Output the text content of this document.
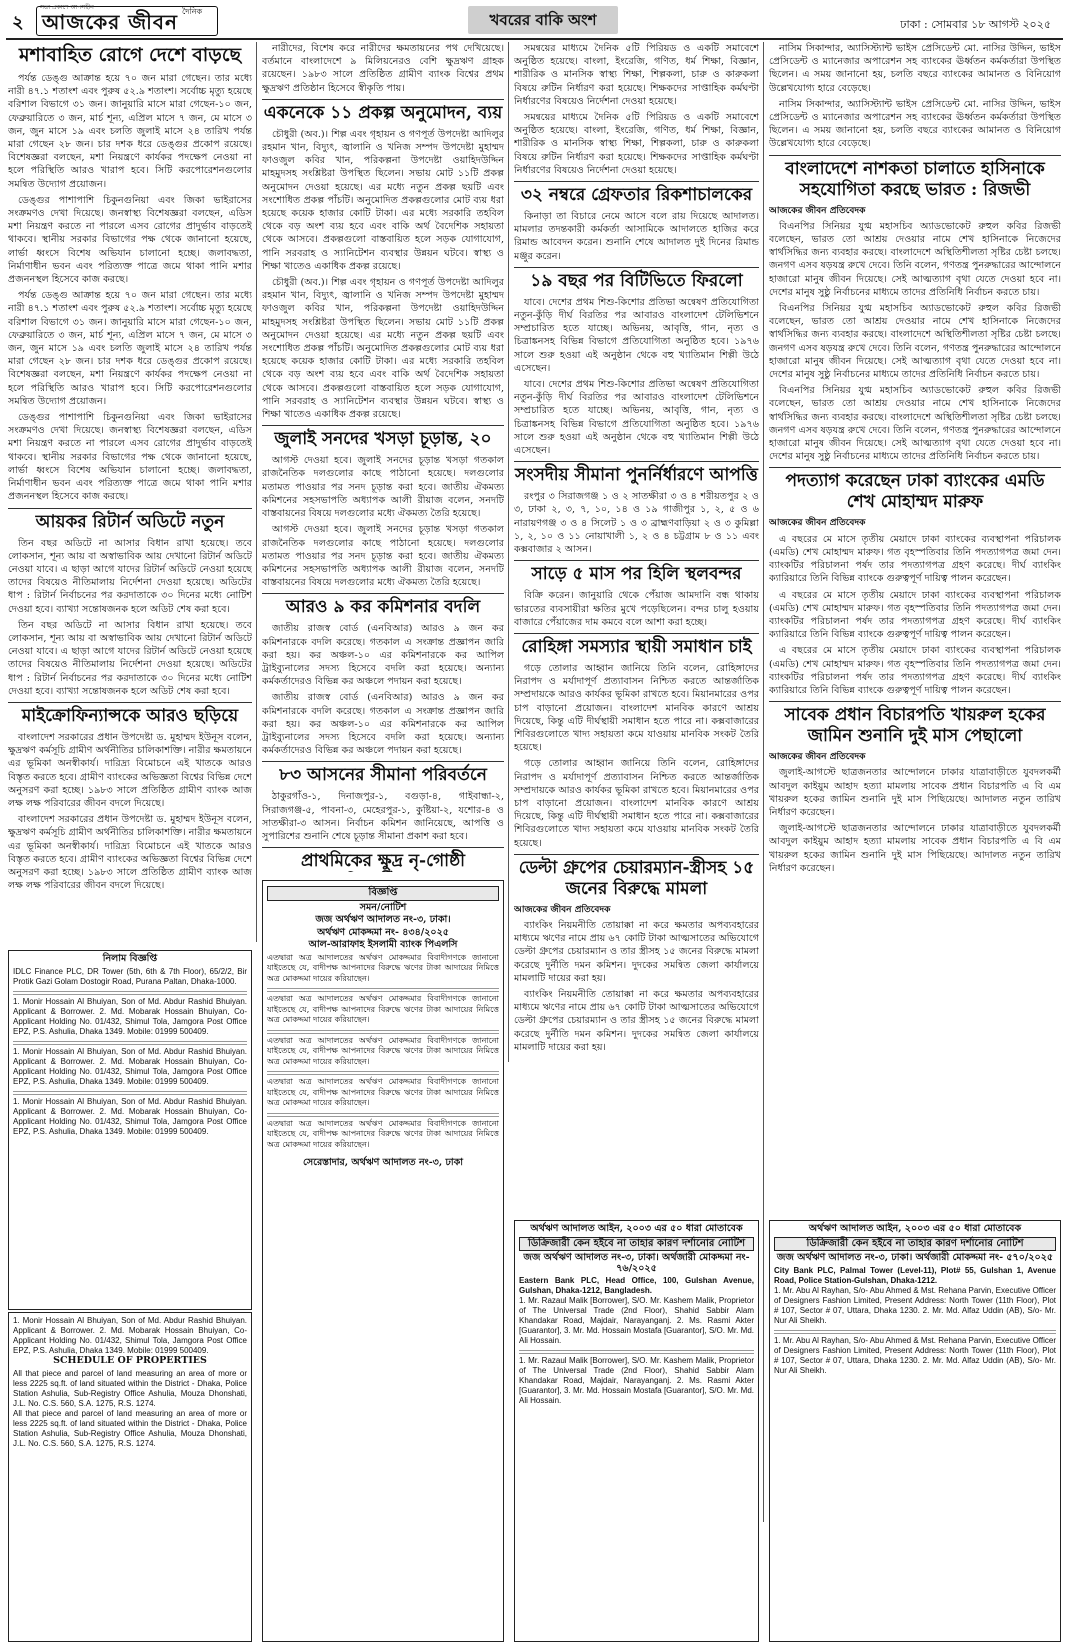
২
সত্য প্রকাশে আপসহীন
আজকের জীবন দৈনিক	খবরের বাকি অংশ	ঢাকা : সোমবার ১৮ আগস্ট ২০২৫
মশাবাহিত রোগে দেশে বাড়ছে

পর্যন্ত ডেঙ্গু আক্রান্ত হয়ে ৭০ জন মারা গেছেন। তার মধ্যে নারী ৪৭.১ শতাংশ এবং পুরুষ ৫২.৯ শতাংশ। সর্বোচ্চ মৃত্যু হয়েছে বরিশাল বিভাগে ৩১ জন। জানুয়ারি মাসে মারা গেছেন-১০ জন, ফেব্রুয়ারিতে ৩ জন, মার্চ শূন্য, এপ্রিল মাসে ৭ জন, মে মাসে ৩ জন, জুন মাসে ১৯ এবং চলতি জুলাই মাসে ২৪ তারিখ পর্যন্ত মারা গেছেন ২৮ জন। চার দশক ধরে ডেঙ্গুর প্রকোপ রয়েছে। বিশেষজ্ঞরা বলছেন, মশা নিয়ন্ত্রণে কার্যকর পদক্ষেপ নেওয়া না হলে পরিস্থিতি আরও খারাপ হবে। সিটি করপোরেশনগুলোর সমন্বিত উদ্যোগ প্রয়োজন।

ডেঙ্গুর পাশাপাশি চিকুনগুনিয়া এবং জিকা ভাইরাসের সংক্রমণও দেখা দিয়েছে। জনস্বাস্থ্য বিশেষজ্ঞরা বলছেন, এডিস মশা নিয়ন্ত্রণ করতে না পারলে এসব রোগের প্রাদুর্ভাব বাড়তেই থাকবে। স্থানীয় সরকার বিভাগের পক্ষ থেকে জানানো হয়েছে, লার্ভা ধ্বংসে বিশেষ অভিযান চালানো হচ্ছে। জলাবদ্ধতা, নির্মাণাধীন ভবন এবং পরিত্যক্ত পাত্রে জমে থাকা পানি মশার প্রজননস্থল হিসেবে কাজ করছে।

পর্যন্ত ডেঙ্গু আক্রান্ত হয়ে ৭০ জন মারা গেছেন। তার মধ্যে নারী ৪৭.১ শতাংশ এবং পুরুষ ৫২.৯ শতাংশ। সর্বোচ্চ মৃত্যু হয়েছে বরিশাল বিভাগে ৩১ জন। জানুয়ারি মাসে মারা গেছেন-১০ জন, ফেব্রুয়ারিতে ৩ জন, মার্চ শূন্য, এপ্রিল মাসে ৭ জন, মে মাসে ৩ জন, জুন মাসে ১৯ এবং চলতি জুলাই মাসে ২৪ তারিখ পর্যন্ত মারা গেছেন ২৮ জন। চার দশক ধরে ডেঙ্গুর প্রকোপ রয়েছে। বিশেষজ্ঞরা বলছেন, মশা নিয়ন্ত্রণে কার্যকর পদক্ষেপ নেওয়া না হলে পরিস্থিতি আরও খারাপ হবে। সিটি করপোরেশনগুলোর সমন্বিত উদ্যোগ প্রয়োজন।

ডেঙ্গুর পাশাপাশি চিকুনগুনিয়া এবং জিকা ভাইরাসের সংক্রমণও দেখা দিয়েছে। জনস্বাস্থ্য বিশেষজ্ঞরা বলছেন, এডিস মশা নিয়ন্ত্রণ করতে না পারলে এসব রোগের প্রাদুর্ভাব বাড়তেই থাকবে। স্থানীয় সরকার বিভাগের পক্ষ থেকে জানানো হয়েছে, লার্ভা ধ্বংসে বিশেষ অভিযান চালানো হচ্ছে। জলাবদ্ধতা, নির্মাণাধীন ভবন এবং পরিত্যক্ত পাত্রে জমে থাকা পানি মশার প্রজননস্থল হিসেবে কাজ করছে।

আয়কর রিটার্ন অডিটে নতুন

তিন বছর অডিটে না আসার বিধান রাখা হয়েছে। তবে লোকসান, শূন্য আয় বা অস্বাভাবিক আয় দেখানো রিটার্ন অডিটে নেওয়া যাবে। এ ছাড়া আগে যাদের রিটার্ন অডিটে নেওয়া হয়েছে তাদের বিষয়েও নীতিমালায় নির্দেশনা দেওয়া হয়েছে। অডিটের ধাপ : রিটার্ন নির্বাচনের পর করদাতাকে ৩০ দিনের মধ্যে নোটিশ দেওয়া হবে। ব্যাখ্যা সন্তোষজনক হলে অডিট শেষ করা হবে।

তিন বছর অডিটে না আসার বিধান রাখা হয়েছে। তবে লোকসান, শূন্য আয় বা অস্বাভাবিক আয় দেখানো রিটার্ন অডিটে নেওয়া যাবে। এ ছাড়া আগে যাদের রিটার্ন অডিটে নেওয়া হয়েছে তাদের বিষয়েও নীতিমালায় নির্দেশনা দেওয়া হয়েছে। অডিটের ধাপ : রিটার্ন নির্বাচনের পর করদাতাকে ৩০ দিনের মধ্যে নোটিশ দেওয়া হবে। ব্যাখ্যা সন্তোষজনক হলে অডিট শেষ করা হবে।

মাইক্রোফিন্যান্সকে আরও ছড়িয়ে

বাংলাদেশ সরকারের প্রধান উপদেষ্টা ড. মুহাম্মদ ইউনূস বলেন, ক্ষুদ্রঋণ কর্মসূচি গ্রামীণ অর্থনীতির চালিকাশক্তি। নারীর ক্ষমতায়নে এর ভূমিকা অনস্বীকার্য। দারিদ্র্য বিমোচনে এই খাতকে আরও বিস্তৃত করতে হবে। গ্রামীণ ব্যাংকের অভিজ্ঞতা বিশ্বের বিভিন্ন দেশে অনুসরণ করা হচ্ছে। ১৯৮৩ সালে প্রতিষ্ঠিত গ্রামীণ ব্যাংক আজ লক্ষ লক্ষ পরিবারের জীবন বদলে দিয়েছে।

বাংলাদেশ সরকারের প্রধান উপদেষ্টা ড. মুহাম্মদ ইউনূস বলেন, ক্ষুদ্রঋণ কর্মসূচি গ্রামীণ অর্থনীতির চালিকাশক্তি। নারীর ক্ষমতায়নে এর ভূমিকা অনস্বীকার্য। দারিদ্র্য বিমোচনে এই খাতকে আরও বিস্তৃত করতে হবে। গ্রামীণ ব্যাংকের অভিজ্ঞতা বিশ্বের বিভিন্ন দেশে অনুসরণ করা হচ্ছে। ১৯৮৩ সালে প্রতিষ্ঠিত গ্রামীণ ব্যাংক আজ লক্ষ লক্ষ পরিবারের জীবন বদলে দিয়েছে।

নারীদের, বিশেষ করে নারীদের ক্ষমতায়নের পথ দেখিয়েছে। বর্তমানে বাংলাদেশে ৯ মিলিয়নেরও বেশি ক্ষুদ্রঋণ গ্রাহক রয়েছেন। ১৯৮৩ সালে প্রতিষ্ঠিত গ্রামীণ ব্যাংক বিশ্বের প্রথম ক্ষুদ্রঋণ প্রতিষ্ঠান হিসেবে স্বীকৃতি পায়।

একনেকে ১১ প্রকল্প অনুমোদন, ব্যয়

চৌধুরী (অব.)। শিল্প এবং গৃহায়ন ও গণপূর্ত উপদেষ্টা আদিলুর রহমান খান, বিদ্যুৎ, জ্বালানি ও খনিজ সম্পদ উপদেষ্টা মুহাম্মদ ফাওজুল কবির খান, পরিকল্পনা উপদেষ্টা ওয়াহিদউদ্দিন মাহমুদসহ সংশ্লিষ্টরা উপস্থিত ছিলেন। সভায় মোট ১১টি প্রকল্প অনুমোদন দেওয়া হয়েছে। এর মধ্যে নতুন প্রকল্প ছয়টি এবং সংশোধিত প্রকল্প পাঁচটি। অনুমোদিত প্রকল্পগুলোর মোট ব্যয় ধরা হয়েছে কয়েক হাজার কোটি টাকা। এর মধ্যে সরকারি তহবিল থেকে বড় অংশ ব্যয় হবে এবং বাকি অর্থ বৈদেশিক সহায়তা থেকে আসবে। প্রকল্পগুলো বাস্তবায়িত হলে সড়ক যোগাযোগ, পানি সরবরাহ ও স্যানিটেশন ব্যবস্থার উন্নয়ন ঘটবে। স্বাস্থ্য ও শিক্ষা খাতেও একাধিক প্রকল্প রয়েছে।

চৌধুরী (অব.)। শিল্প এবং গৃহায়ন ও গণপূর্ত উপদেষ্টা আদিলুর রহমান খান, বিদ্যুৎ, জ্বালানি ও খনিজ সম্পদ উপদেষ্টা মুহাম্মদ ফাওজুল কবির খান, পরিকল্পনা উপদেষ্টা ওয়াহিদউদ্দিন মাহমুদসহ সংশ্লিষ্টরা উপস্থিত ছিলেন। সভায় মোট ১১টি প্রকল্প অনুমোদন দেওয়া হয়েছে। এর মধ্যে নতুন প্রকল্প ছয়টি এবং সংশোধিত প্রকল্প পাঁচটি। অনুমোদিত প্রকল্পগুলোর মোট ব্যয় ধরা হয়েছে কয়েক হাজার কোটি টাকা। এর মধ্যে সরকারি তহবিল থেকে বড় অংশ ব্যয় হবে এবং বাকি অর্থ বৈদেশিক সহায়তা থেকে আসবে। প্রকল্পগুলো বাস্তবায়িত হলে সড়ক যোগাযোগ, পানি সরবরাহ ও স্যানিটেশন ব্যবস্থার উন্নয়ন ঘটবে। স্বাস্থ্য ও শিক্ষা খাতেও একাধিক প্রকল্প রয়েছে।

জুলাই সনদের খসড়া চূড়ান্ত, ২০

আগস্ট দেওয়া হবে। জুলাই সনদের চূড়ান্ত খসড়া গতকাল রাজনৈতিক দলগুলোর কাছে পাঠানো হয়েছে। দলগুলোর মতামত পাওয়ার পর সনদ চূড়ান্ত করা হবে। জাতীয় ঐকমত্য কমিশনের সহসভাপতি অধ্যাপক আলী রীয়াজ বলেন, সনদটি বাস্তবায়নের বিষয়ে দলগুলোর মধ্যে ঐকমত্য তৈরি হয়েছে।

আগস্ট দেওয়া হবে। জুলাই সনদের চূড়ান্ত খসড়া গতকাল রাজনৈতিক দলগুলোর কাছে পাঠানো হয়েছে। দলগুলোর মতামত পাওয়ার পর সনদ চূড়ান্ত করা হবে। জাতীয় ঐকমত্য কমিশনের সহসভাপতি অধ্যাপক আলী রীয়াজ বলেন, সনদটি বাস্তবায়নের বিষয়ে দলগুলোর মধ্যে ঐকমত্য তৈরি হয়েছে।

আরও ৯ কর কমিশনার বদলি

জাতীয় রাজস্ব বোর্ড (এনবিআর) আরও ৯ জন কর কমিশনারকে বদলি করেছে। গতকাল এ সংক্রান্ত প্রজ্ঞাপন জারি করা হয়। কর অঞ্চল-১০ এর কমিশনারকে কর আপিল ট্রাইব্যুনালের সদস্য হিসেবে বদলি করা হয়েছে। অন্যান্য কর্মকর্তাদেরও বিভিন্ন কর অঞ্চলে পদায়ন করা হয়েছে।

জাতীয় রাজস্ব বোর্ড (এনবিআর) আরও ৯ জন কর কমিশনারকে বদলি করেছে। গতকাল এ সংক্রান্ত প্রজ্ঞাপন জারি করা হয়। কর অঞ্চল-১০ এর কমিশনারকে কর আপিল ট্রাইব্যুনালের সদস্য হিসেবে বদলি করা হয়েছে। অন্যান্য কর্মকর্তাদেরও বিভিন্ন কর অঞ্চলে পদায়ন করা হয়েছে।

৮৩ আসনের সীমানা পরিবর্তনে

ঠাকুরগাঁও-১, দিনাজপুর-১, বগুড়া-৪, গাইবান্ধা-২, সিরাজগঞ্জ-৫, পাবনা-৩, মেহেরপুর-১, কুষ্টিয়া-২, যশোর-৪ ও সাতক্ষীরা-৩ আসন। নির্বাচন কমিশন জানিয়েছে, আপত্তি ও সুপারিশের শুনানি শেষে চূড়ান্ত সীমানা প্রকাশ করা হবে।

প্রাথমিকের ক্ষুদ্র নৃ-গোষ্ঠী

সমন্বয়ের মাধ্যমে দৈনিক ৫টি পিরিয়ড ও একটি সমাবেশে অনুষ্ঠিত হয়েছে। বাংলা, ইংরেজি, গণিত, ধর্ম শিক্ষা, বিজ্ঞান, শারীরিক ও মানসিক স্বাস্থ্য শিক্ষা, শিল্পকলা, চারু ও কারুকলা বিষয়ে রুটিন নির্ধারণ করা হয়েছে। শিক্ষকদের সাপ্তাহিক কর্মঘণ্টা নির্ধারণের বিষয়েও নির্দেশনা দেওয়া হয়েছে।

সমন্বয়ের মাধ্যমে দৈনিক ৫টি পিরিয়ড ও একটি সমাবেশে অনুষ্ঠিত হয়েছে। বাংলা, ইংরেজি, গণিত, ধর্ম শিক্ষা, বিজ্ঞান, শারীরিক ও মানসিক স্বাস্থ্য শিক্ষা, শিল্পকলা, চারু ও কারুকলা বিষয়ে রুটিন নির্ধারণ করা হয়েছে। শিক্ষকদের সাপ্তাহিক কর্মঘণ্টা নির্ধারণের বিষয়েও নির্দেশনা দেওয়া হয়েছে।

৩২ নম্বরে গ্রেফতার রিকশাচালকের

কিনাড়া তা বিচারে নেমে আসে বলে রায় দিয়েছে আদালত। মামলার তদন্তকারী কর্মকর্তা আসামিকে আদালতে হাজির করে রিমান্ড আবেদন করেন। শুনানি শেষে আদালত দুই দিনের রিমান্ড মঞ্জুর করেন।

১৯ বছর পর বিটিভিতে ফিরলো

যাবে। দেশের প্রথম শিশু-কিশোর প্রতিভা অন্বেষণ প্রতিযোগিতা নতুন-কুঁড়ি দীর্ঘ বিরতির পর আবারও বাংলাদেশ টেলিভিশনে সম্প্রচারিত হতে যাচ্ছে। অভিনয়, আবৃত্তি, গান, নৃত্য ও চিত্রাঙ্কনসহ বিভিন্ন বিভাগে প্রতিযোগিতা অনুষ্ঠিত হবে। ১৯৭৬ সালে শুরু হওয়া এই অনুষ্ঠান থেকে বহু খ্যাতিমান শিল্পী উঠে এসেছেন।

যাবে। দেশের প্রথম শিশু-কিশোর প্রতিভা অন্বেষণ প্রতিযোগিতা নতুন-কুঁড়ি দীর্ঘ বিরতির পর আবারও বাংলাদেশ টেলিভিশনে সম্প্রচারিত হতে যাচ্ছে। অভিনয়, আবৃত্তি, গান, নৃত্য ও চিত্রাঙ্কনসহ বিভিন্ন বিভাগে প্রতিযোগিতা অনুষ্ঠিত হবে। ১৯৭৬ সালে শুরু হওয়া এই অনুষ্ঠান থেকে বহু খ্যাতিমান শিল্পী উঠে এসেছেন।

সংসদীয় সীমানা পুনর্নির্ধারণে আপত্তি

রংপুর ৩ সিরাজগঞ্জ ১ ও ২ সাতক্ষীরা ৩ ও ৪ শরীয়তপুর ২ ও ৩, ঢাকা ২, ৩, ৭, ১০, ১৪ ও ১৯ গাজীপুর ১, ২, ৫ ও ৬ নারায়ণগঞ্জ ৩ ও ৪ সিলেট ১ ও ৩ ব্রাহ্মণবাড়িয়া ২ ও ৩ কুমিল্লা ১, ২, ১০ ও ১১ নোয়াখালী ১, ২ ও ৪ চট্টগ্রাম ৮ ও ১১ এবং কক্সবাজার ২ আসন।

সাড়ে ৫ মাস পর হিলি স্থলবন্দর

বিক্রি করেন। জানুয়ারি থেকে পেঁয়াজ আমদানি বন্ধ থাকায় ভারতের ব্যবসায়ীরা ক্ষতির মুখে পড়েছিলেন। বন্দর চালু হওয়ায় বাজারে পেঁয়াজের দাম কমবে বলে আশা করা হচ্ছে।

রোহিঙ্গা সমস্যার স্থায়ী সমাধান চাই

গড়ে তোলার আহ্বান জানিয়ে তিনি বলেন, রোহিঙ্গাদের নিরাপদ ও মর্যাদাপূর্ণ প্রত্যাবাসন নিশ্চিত করতে আন্তর্জাতিক সম্প্রদায়কে আরও কার্যকর ভূমিকা রাখতে হবে। মিয়ানমারের ওপর চাপ বাড়ানো প্রয়োজন। বাংলাদেশ মানবিক কারণে আশ্রয় দিয়েছে, কিন্তু এটি দীর্ঘস্থায়ী সমাধান হতে পারে না। কক্সবাজারের শিবিরগুলোতে খাদ্য সহায়তা কমে যাওয়ায় মানবিক সংকট তৈরি হয়েছে।

গড়ে তোলার আহ্বান জানিয়ে তিনি বলেন, রোহিঙ্গাদের নিরাপদ ও মর্যাদাপূর্ণ প্রত্যাবাসন নিশ্চিত করতে আন্তর্জাতিক সম্প্রদায়কে আরও কার্যকর ভূমিকা রাখতে হবে। মিয়ানমারের ওপর চাপ বাড়ানো প্রয়োজন। বাংলাদেশ মানবিক কারণে আশ্রয় দিয়েছে, কিন্তু এটি দীর্ঘস্থায়ী সমাধান হতে পারে না। কক্সবাজারের শিবিরগুলোতে খাদ্য সহায়তা কমে যাওয়ায় মানবিক সংকট তৈরি হয়েছে।

ডেল্টা গ্রুপের চেয়ারম্যান-স্ত্রীসহ ১৫ জনের বিরুদ্ধে মামলা
আজকের জীবন প্রতিবেদক

ব্যাংকিং নিয়মনীতি তোয়াক্কা না করে ক্ষমতার অপব্যবহারের মাধ্যমে ঋণের নামে প্রায় ৬৭ কোটি টাকা আত্মসাতের অভিযোগে ডেল্টা গ্রুপের চেয়ারম্যান ও তার স্ত্রীসহ ১৫ জনের বিরুদ্ধে মামলা করেছে দুর্নীতি দমন কমিশন। দুদকের সমন্বিত জেলা কার্যালয়ে মামলাটি দায়ের করা হয়।

ব্যাংকিং নিয়মনীতি তোয়াক্কা না করে ক্ষমতার অপব্যবহারের মাধ্যমে ঋণের নামে প্রায় ৬৭ কোটি টাকা আত্মসাতের অভিযোগে ডেল্টা গ্রুপের চেয়ারম্যান ও তার স্ত্রীসহ ১৫ জনের বিরুদ্ধে মামলা করেছে দুর্নীতি দমন কমিশন। দুদকের সমন্বিত জেলা কার্যালয়ে মামলাটি দায়ের করা হয়।

নাসিম সিকান্দার, অ্যাসিস্ট্যান্ট ভাইস প্রেসিডেন্ট মো. নাসির উদ্দিন, ভাইস প্রেসিডেন্ট ও ম্যানেজার অপারেশন সহ ব্যাংকের ঊর্ধ্বতন কর্মকর্তারা উপস্থিত ছিলেন। এ সময় জানানো হয়, চলতি বছরে ব্যাংকের আমানত ও বিনিয়োগ উল্লেখযোগ্য হারে বেড়েছে।

নাসিম সিকান্দার, অ্যাসিস্ট্যান্ট ভাইস প্রেসিডেন্ট মো. নাসির উদ্দিন, ভাইস প্রেসিডেন্ট ও ম্যানেজার অপারেশন সহ ব্যাংকের ঊর্ধ্বতন কর্মকর্তারা উপস্থিত ছিলেন। এ সময় জানানো হয়, চলতি বছরে ব্যাংকের আমানত ও বিনিয়োগ উল্লেখযোগ্য হারে বেড়েছে।

বাংলাদেশে নাশকতা চালাতে হাসিনাকে সহযোগিতা করছে ভারত : রিজভী
আজকের জীবন প্রতিবেদক

বিএনপির সিনিয়র যুগ্ম মহাসচিব অ্যাডভোকেট রুহুল কবির রিজভী বলেছেন, ভারত তো আশ্রয় দেওয়ার নামে শেখ হাসিনাকে নিজেদের স্বার্থসিদ্ধির জন্য ব্যবহার করছে। বাংলাদেশে অস্থিতিশীলতা সৃষ্টির চেষ্টা চলছে। জনগণ এসব ষড়যন্ত্র রুখে দেবে। তিনি বলেন, গণতন্ত্র পুনরুদ্ধারের আন্দোলনে হাজারো মানুষ জীবন দিয়েছে। সেই আত্মত্যাগ বৃথা যেতে দেওয়া হবে না। দেশের মানুষ সুষ্ঠু নির্বাচনের মাধ্যমে তাদের প্রতিনিধি নির্বাচন করতে চায়।

বিএনপির সিনিয়র যুগ্ম মহাসচিব অ্যাডভোকেট রুহুল কবির রিজভী বলেছেন, ভারত তো আশ্রয় দেওয়ার নামে শেখ হাসিনাকে নিজেদের স্বার্থসিদ্ধির জন্য ব্যবহার করছে। বাংলাদেশে অস্থিতিশীলতা সৃষ্টির চেষ্টা চলছে। জনগণ এসব ষড়যন্ত্র রুখে দেবে। তিনি বলেন, গণতন্ত্র পুনরুদ্ধারের আন্দোলনে হাজারো মানুষ জীবন দিয়েছে। সেই আত্মত্যাগ বৃথা যেতে দেওয়া হবে না। দেশের মানুষ সুষ্ঠু নির্বাচনের মাধ্যমে তাদের প্রতিনিধি নির্বাচন করতে চায়।

বিএনপির সিনিয়র যুগ্ম মহাসচিব অ্যাডভোকেট রুহুল কবির রিজভী বলেছেন, ভারত তো আশ্রয় দেওয়ার নামে শেখ হাসিনাকে নিজেদের স্বার্থসিদ্ধির জন্য ব্যবহার করছে। বাংলাদেশে অস্থিতিশীলতা সৃষ্টির চেষ্টা চলছে। জনগণ এসব ষড়যন্ত্র রুখে দেবে। তিনি বলেন, গণতন্ত্র পুনরুদ্ধারের আন্দোলনে হাজারো মানুষ জীবন দিয়েছে। সেই আত্মত্যাগ বৃথা যেতে দেওয়া হবে না। দেশের মানুষ সুষ্ঠু নির্বাচনের মাধ্যমে তাদের প্রতিনিধি নির্বাচন করতে চায়।

পদত্যাগ করেছেন ঢাকা ব্যাংকের এমডি শেখ মোহাম্মদ মারুফ
আজকের জীবন প্রতিবেদক

এ বছরের মে মাসে তৃতীয় মেয়াদে ঢাকা ব্যাংকের ব্যবস্থাপনা পরিচালক (এমডি) শেখ মোহাম্মদ মারুফ। গত বৃহস্পতিবার তিনি পদত্যাগপত্র জমা দেন। ব্যাংকটির পরিচালনা পর্ষদ তার পদত্যাগপত্র গ্রহণ করেছে। দীর্ঘ ব্যাংকিং ক্যারিয়ারে তিনি বিভিন্ন ব্যাংকে গুরুত্বপূর্ণ দায়িত্ব পালন করেছেন।

এ বছরের মে মাসে তৃতীয় মেয়াদে ঢাকা ব্যাংকের ব্যবস্থাপনা পরিচালক (এমডি) শেখ মোহাম্মদ মারুফ। গত বৃহস্পতিবার তিনি পদত্যাগপত্র জমা দেন। ব্যাংকটির পরিচালনা পর্ষদ তার পদত্যাগপত্র গ্রহণ করেছে। দীর্ঘ ব্যাংকিং ক্যারিয়ারে তিনি বিভিন্ন ব্যাংকে গুরুত্বপূর্ণ দায়িত্ব পালন করেছেন।

এ বছরের মে মাসে তৃতীয় মেয়াদে ঢাকা ব্যাংকের ব্যবস্থাপনা পরিচালক (এমডি) শেখ মোহাম্মদ মারুফ। গত বৃহস্পতিবার তিনি পদত্যাগপত্র জমা দেন। ব্যাংকটির পরিচালনা পর্ষদ তার পদত্যাগপত্র গ্রহণ করেছে। দীর্ঘ ব্যাংকিং ক্যারিয়ারে তিনি বিভিন্ন ব্যাংকে গুরুত্বপূর্ণ দায়িত্ব পালন করেছেন।

সাবেক প্রধান বিচারপতি খায়রুল হকের জামিন শুনানি দুই মাস পেছালো
আজকের জীবন প্রতিবেদক

জুলাই-আগস্টে ছাত্রজনতার আন্দোলনে ঢাকার যাত্রাবাড়ীতে যুবদলকর্মী আবদুল কাইয়ুম আহাদ হত্যা মামলায় সাবেক প্রধান বিচারপতি এ বি এম খায়রুল হকের জামিন শুনানি দুই মাস পিছিয়েছে। আদালত নতুন তারিখ নির্ধারণ করেছেন।

জুলাই-আগস্টে ছাত্রজনতার আন্দোলনে ঢাকার যাত্রাবাড়ীতে যুবদলকর্মী আবদুল কাইয়ুম আহাদ হত্যা মামলায় সাবেক প্রধান বিচারপতি এ বি এম খায়রুল হকের জামিন শুনানি দুই মাস পিছিয়েছে। আদালত নতুন তারিখ নির্ধারণ করেছেন।

নিলাম বিজ্ঞপ্তি
IDLC Finance PLC, DR Tower (5th, 6th & 7th Floor), 65/2/2, Bir Protik Gazi Golam Dostogir Road, Purana Paltan, Dhaka-1000.
1. Monir Hossain Al Bhuiyan, Son of Md. Abdur Rashid Bhuiyan. Applicant & Borrower. 2. Md. Mobarak Hossain Bhuiyan, Co-Applicant Holding No. 01/432, Shimul Tola, Jamgora Post Office EPZ, P.S. Ashulia, Dhaka 1349. Mobile: 01999 500409.
1. Monir Hossain Al Bhuiyan, Son of Md. Abdur Rashid Bhuiyan. Applicant & Borrower. 2. Md. Mobarak Hossain Bhuiyan, Co-Applicant Holding No. 01/432, Shimul Tola, Jamgora Post Office EPZ, P.S. Ashulia, Dhaka 1349. Mobile: 01999 500409.
1. Monir Hossain Al Bhuiyan, Son of Md. Abdur Rashid Bhuiyan. Applicant & Borrower. 2. Md. Mobarak Hossain Bhuiyan, Co-Applicant Holding No. 01/432, Shimul Tola, Jamgora Post Office EPZ, P.S. Ashulia, Dhaka 1349. Mobile: 01999 500409.
1. Monir Hossain Al Bhuiyan, Son of Md. Abdur Rashid Bhuiyan. Applicant & Borrower. 2. Md. Mobarak Hossain Bhuiyan, Co-Applicant Holding No. 01/432, Shimul Tola, Jamgora Post Office EPZ, P.S. Ashulia, Dhaka 1349. Mobile: 01999 500409.
SCHEDULE OF PROPERTIES
All that piece and parcel of land measuring an area of more or less 2225 sq.ft. of land situated within the District - Dhaka, Police Station Ashulia, Sub-Registry Office Ashulia, Mouza Dhonshati, J.L. No. C.S. 560, S.A. 1275, R.S. 1274.
All that piece and parcel of land measuring an area of more or less 2225 sq.ft. of land situated within the District - Dhaka, Police Station Ashulia, Sub-Registry Office Ashulia, Mouza Dhonshati, J.L. No. C.S. 560, S.A. 1275, R.S. 1274.
বিজ্ঞপ্তি
সমন/নোটিশ
জজ অর্থঋণ আদালত নং-৩, ঢাকা।
অর্থঋণ মোকদ্দমা নং- ৪৩৪/২০২৫
আল-আরাফাহ ইসলামী ব্যাংক পিএলসি
এতদ্বারা অত্র আদালতের অর্থঋণ মোকদ্দমার বিবাদীগণকে জানানো যাইতেছে যে, বাদীপক্ষ আপনাদের বিরুদ্ধে ঋণের টাকা আদায়ের নিমিত্তে অত্র মোকদ্দমা দায়ের করিয়াছেন।
এতদ্বারা অত্র আদালতের অর্থঋণ মোকদ্দমার বিবাদীগণকে জানানো যাইতেছে যে, বাদীপক্ষ আপনাদের বিরুদ্ধে ঋণের টাকা আদায়ের নিমিত্তে অত্র মোকদ্দমা দায়ের করিয়াছেন।
এতদ্বারা অত্র আদালতের অর্থঋণ মোকদ্দমার বিবাদীগণকে জানানো যাইতেছে যে, বাদীপক্ষ আপনাদের বিরুদ্ধে ঋণের টাকা আদায়ের নিমিত্তে অত্র মোকদ্দমা দায়ের করিয়াছেন।
এতদ্বারা অত্র আদালতের অর্থঋণ মোকদ্দমার বিবাদীগণকে জানানো যাইতেছে যে, বাদীপক্ষ আপনাদের বিরুদ্ধে ঋণের টাকা আদায়ের নিমিত্তে অত্র মোকদ্দমা দায়ের করিয়াছেন।
এতদ্বারা অত্র আদালতের অর্থঋণ মোকদ্দমার বিবাদীগণকে জানানো যাইতেছে যে, বাদীপক্ষ আপনাদের বিরুদ্ধে ঋণের টাকা আদায়ের নিমিত্তে অত্র মোকদ্দমা দায়ের করিয়াছেন।
সেরেস্তাদার, অর্থঋণ আদালত নং-৩, ঢাকা
অর্থঋণ আদালত আইন, ২০০৩ এর ৫০ ধারা মোতাবেক
ডিক্রিজারী কেন হইবে না তাহার কারণ দর্শানোর নোটিশ
জজ অর্থঋণ আদালত নং-৩, ঢাকা। অর্থজারী মোকদ্দমা নং- ৭৬/২০২৫
Eastern Bank PLC, Head Office, 100, Gulshan Avenue, Gulshan, Dhaka-1212, Bangladesh.
1. Mr. Razaul Malik [Borrower], S/O. Mr. Kashem Malik, Proprietor of The Universal Trade (2nd Floor), Shahid Sabbir Alam Khandakar Road, Majdair, Narayanganj. 2. Ms. Rasmi Akter [Guarantor], 3. Mr. Md. Hossain Mostafa [Guarantor], S/O. Mr. Md. Ali Hossain.
1. Mr. Razaul Malik [Borrower], S/O. Mr. Kashem Malik, Proprietor of The Universal Trade (2nd Floor), Shahid Sabbir Alam Khandakar Road, Majdair, Narayanganj. 2. Ms. Rasmi Akter [Guarantor], 3. Mr. Md. Hossain Mostafa [Guarantor], S/O. Mr. Md. Ali Hossain.
অর্থঋণ আদালত আইন, ২০০৩ এর ৫০ ধারা মোতাবেক
ডিক্রিজারী কেন হইবে না তাহার কারণ দর্শানোর নোটিশ
জজ অর্থঋণ আদালত নং-৩, ঢাকা। অর্থজারী মোকদ্দমা নং- ৫৭০/২০২৫
City Bank PLC, Palmal Tower (Level-11), Plot# 55, Gulshan 1, Avenue Road, Police Station-Gulshan, Dhaka-1212.
1. Mr. Abu Al Rayhan, S/o- Abu Ahmed & Mst. Rehana Parvin, Executive Officer of Designers Fashion Limited, Present Address: North Tower (11th Floor), Plot # 107, Sector # 07, Uttara, Dhaka 1230. 2. Mr. Md. Alfaz Uddin (AB), S/o- Mr. Nur Ali Sheikh.
1. Mr. Abu Al Rayhan, S/o- Abu Ahmed & Mst. Rehana Parvin, Executive Officer of Designers Fashion Limited, Present Address: North Tower (11th Floor), Plot # 107, Sector # 07, Uttara, Dhaka 1230. 2. Mr. Md. Alfaz Uddin (AB), S/o- Mr. Nur Ali Sheikh.
